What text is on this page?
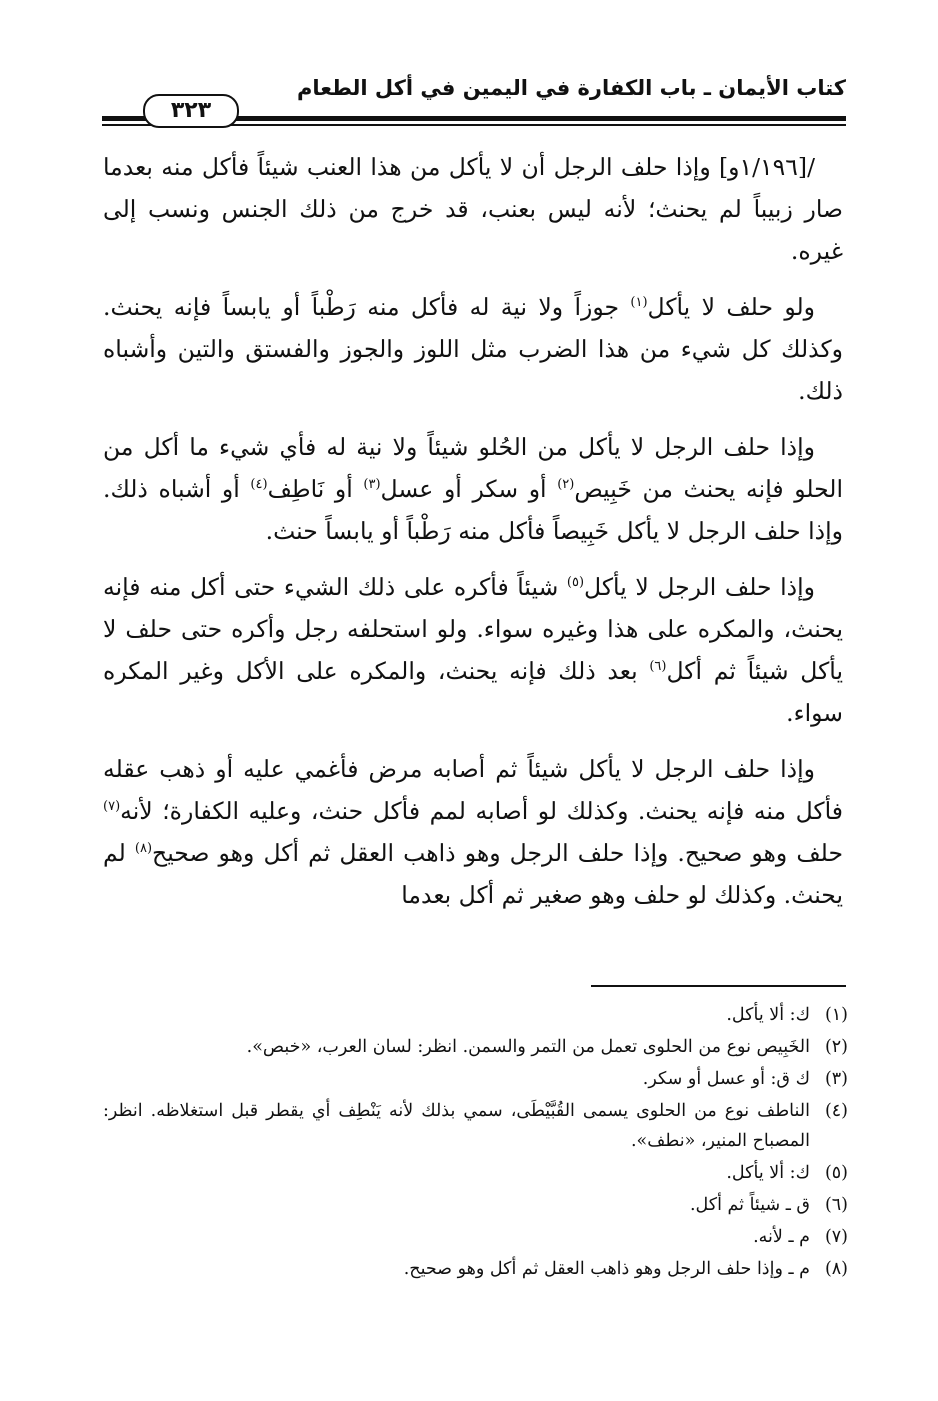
كتاب الأيمان ـ باب الكفارة في اليمين في أكل الطعام
٣٢٣

/[١/١٩٦و] وإذا حلف الرجل أن لا يأكل من هذا العنب شيئاً فأكل منه بعدما صار زبيباً لم يحنث؛ لأنه ليس بعنب، قد خرج من ذلك الجنس ونسب إلى غيره.

ولو حلف لا يأكل$^{(١)}$ جوزاً ولا نية له فأكل منه رَطْباً أو يابساً فإنه يحنث. وكذلك كل شيء من هذا الضرب مثل اللوز والجوز والفستق والتين وأشباه ذلك.

وإذا حلف الرجل لا يأكل من الحُلو شيئاً ولا نية له فأي شيء ما أكل من الحلو فإنه يحنث من خَبِيص$^{(٢)}$ أو سكر أو عسل$^{(٣)}$ أو نَاطِف$^{(٤)}$ أو أشباه ذلك. وإذا حلف الرجل لا يأكل خَبِيصاً فأكل منه رَطْباً أو يابساً حنث.

وإذا حلف الرجل لا يأكل$^{(٥)}$ شيئاً فأكره على ذلك الشيء حتى أكل منه فإنه يحنث، والمكره على هذا وغيره سواء. ولو استحلفه رجل وأكره حتى حلف لا يأكل شيئاً ثم أكل$^{(٦)}$ بعد ذلك فإنه يحنث، والمكره على الأكل وغير المكره سواء.

وإذا حلف الرجل لا يأكل شيئاً ثم أصابه مرض فأغمي عليه أو ذهب عقله فأكل منه فإنه يحنث. وكذلك لو أصابه لمم فأكل حنث، وعليه الكفارة؛ لأنه$^{(٧)}$ حلف وهو صحيح. وإذا حلف الرجل وهو ذاهب العقل ثم أكل وهو صحيح$^{(٨)}$ لم يحنث. وكذلك لو حلف وهو صغير ثم أكل بعدما

(١)
ك: ألا يأكل.
(٢)
الخَبِيص نوع من الحلوى تعمل من التمر والسمن. انظر: لسان العرب، «خبص».
(٣)
ك ق: أو عسل أو سكر.
(٤)
الناطف نوع من الحلوى يسمى القُبَّيْطَى، سمي بذلك لأنه يَنْطِف أي يقطر قبل استغلاظه. انظر: المصباح المنير، «نطف».
(٥)
ك: ألا يأكل.
(٦)
ق ـ شيئاً ثم أكل.
(٧)
م ـ لأنه.
(٨)
م ـ وإذا حلف الرجل وهو ذاهب العقل ثم أكل وهو صحيح.
